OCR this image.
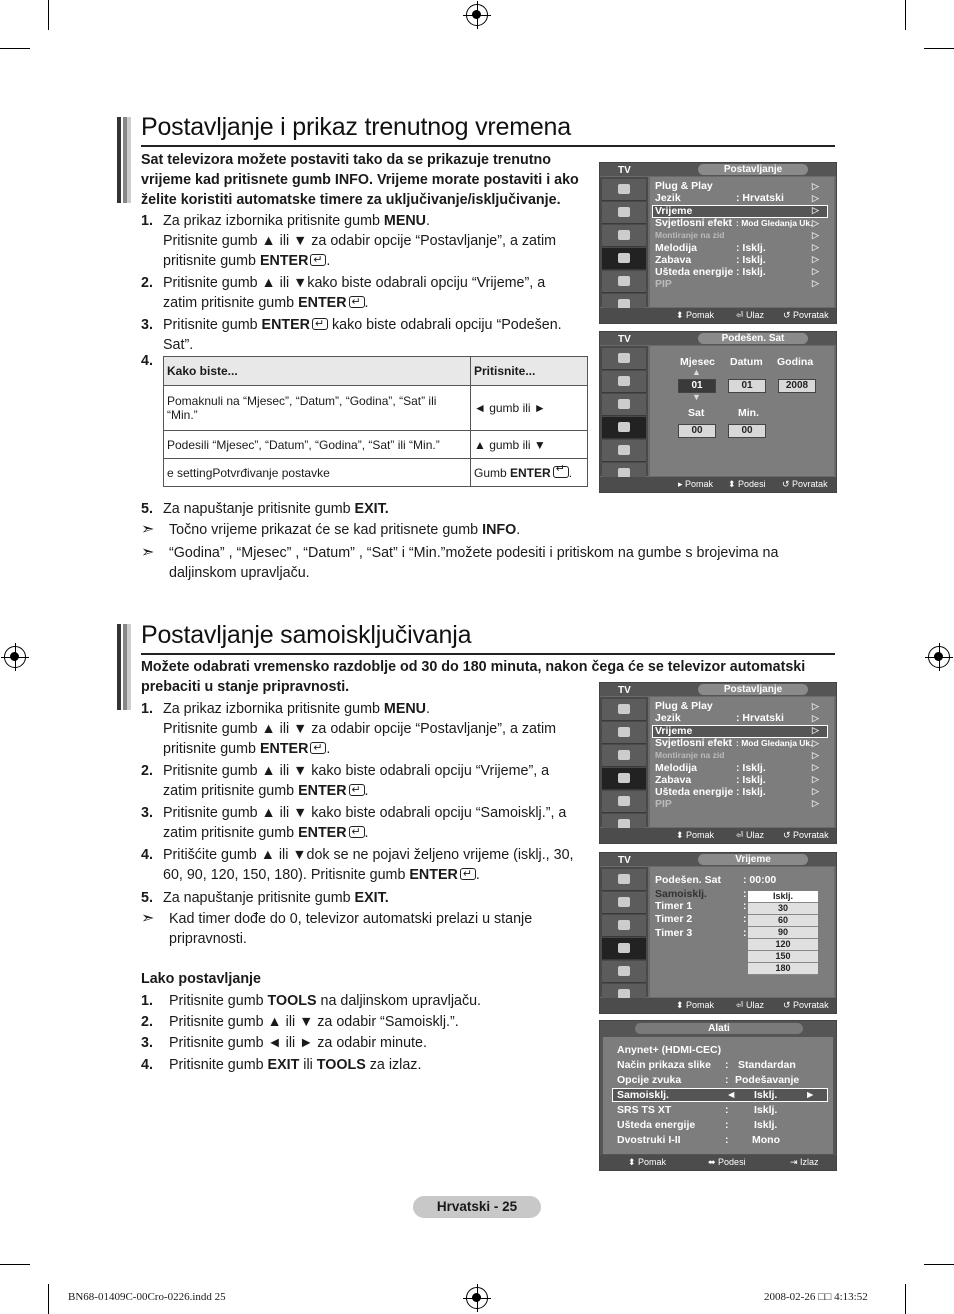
Postavljanje i prikaz trenutnog vremena
Sat televizora možete postaviti tako da se prikazuje trenutno vrijeme kad pritisnete gumb INFO. Vrijeme morate postaviti i ako želite koristiti automatske timere za uključivanje/isključivanje.
1. Za prikaz izbornika pritisnite gumb MENU.
Pritisnite gumb ▲ ili ▼ za odabir opcije “Postavljanje”, a zatim
pritisnite gumb ENTER ↵ .
2. Pritisnite gumb ▲ ili ▼kako biste odabrali opciju “Vrijeme”, a
zatim pritisnite gumb ENTER ↵ .
3. Pritisnite gumb ENTER↵ kako biste odabrali opciju “Podešen.
Sat”.
4.
Kako biste...	Pritisnite...
Pomaknuli na “Mjesec”, “Datum”, “Godina”, “Sat” ili “Min.”	◄ gumb ili ►
Podesili “Mjesec”, “Datum”, “Godina”, “Sat” ili “Min.”	▲ gumb ili ▼
e settingPotvrđivanje postavke	Gumb ENTER↵ .
5. Za napuštanje pritisnite gumb EXIT.
➣ Točno vrijeme prikazat će se kad pritisnete gumb INFO.
➣ “Godina” , “Mjesec” , “Datum” , “Sat” i “Min.”možete podesiti i pritiskom na gumbe s brojevima na
daljinskom upravljaču.
TV	Postavljanje
Plug & Play
Jezik	: Hrvatski
Vrijeme
Svjetlosni efekt : Mod Gledanja Uk.
Montiranje na zid
Melodija	: Isklj.
Zabava	: Isklj.
Ušteda energije : Isklj.
PIP
▷
▷
▷
▷
▷
▷
▷
▷
▷
⬍ Pomak ⏎ Ulaz ↺ Povratak
TV	Podešen. Sat
Mjesec Datum Godina
▲
01
▼
01	2008
Sat	Min.
00	00
▸ Pomak ⬍ Podesi ↺ Povratak
Postavljanje samoisključivanja
Možete odabrati vremensko razdoblje od 30 do 180 minuta, nakon čega će se televizor automatski
prebaciti u stanje pripravnosti.
1. Za prikaz izbornika pritisnite gumb MENU.
Pritisnite gumb ▲ ili ▼ za odabir opcije “Postavljanje”, a zatim
pritisnite gumb ENTER ↵ .
2. Pritisnite gumb ▲ ili ▼ kako biste odabrali opciju “Vrijeme”, a
zatim pritisnite gumb ENTER ↵ .
3. Pritisnite gumb ▲ ili ▼ kako biste odabrali opciju “Samoisklj.”, a
zatim pritisnite gumb ENTER ↵ .
4. Pritišćite gumb ▲ ili ▼dok se ne pojavi željeno vrijeme (isklj., 30,
60, 90, 120, 150, 180). Pritisnite gumb ENTER ↵ .
5. Za napuštanje pritisnite gumb EXIT.
➣ Kad timer dođe do 0, televizor automatski prelazi u stanje
pripravnosti.
Lako postavljanje
1. Pritisnite gumb TOOLS na daljinskom upravljaču.
2. Pritisnite gumb ▲ ili ▼ za odabir “Samoisklj.”.
3. Pritisnite gumb ◄ ili ► za odabir minute.
4. Pritisnite gumb EXIT ili TOOLS za izlaz.
TV	Postavljanje
Plug & Play
Jezik	: Hrvatski
Vrijeme
Svjetlosni efekt : Mod Gledanja Uk.
Montiranje na zid
Melodija	: Isklj.
Zabava	: Isklj.
Ušteda energije : Isklj.
PIP
▷
▷
▷
▷
▷
▷
▷
▷
▷
⬍ Pomak ⏎ Ulaz ↺ Povratak
TV	Vrijeme
Podešen. Sat : 00:00
Samoisklj.
Timer 1
Timer 2
Timer 3
:
:
:
:
Isklj.
30
60
90
120
150
180
⬍ Pomak ⏎ Ulaz ↺ Povratak
Alati
Anynet+ (HDMI-CEC)
Način prikaza slike : Standardan
Opcije zvuka	: Podešavanje
Samoisklj.	◄ Isklj.	►
SRS TS XT	: Isklj.
Ušteda energije	: Isklj.
Dvostruki I-II	: Mono
⬍ Pomak	⬌ Podesi	⇥ Izlaz
Hrvatski - 25
BN68-01409C-00Cro-0226.indd 25	2008-02-26 □□ 4:13:52
